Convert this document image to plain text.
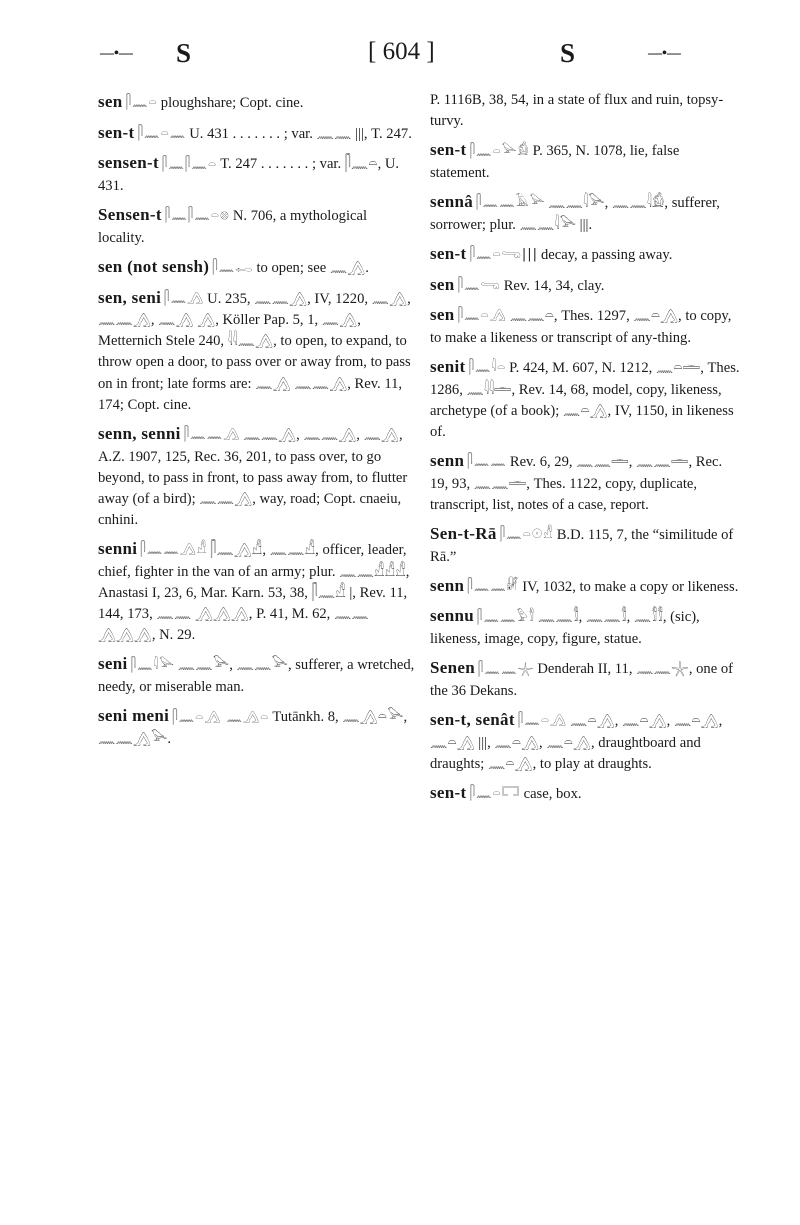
—•— S	[ 604 ]	S	—•—

sen 𓋴𓈖𓏏 ploughshare; Copt. cine.

sen-t 𓋴𓈖𓏏𓈖 U. 431 . . . . . . . ; var. 𓈖𓈖 |||, T. 247.

sensen-t 𓋴𓈖𓋴𓈖𓏏 T. 247 . . . . . . . ; var. 𓋴𓈖𓏏, U. 431.

Sensen-t 𓋴𓈖𓋴𓈖𓏏𓊖 N. 706, a mythological locality.

sen (not sensh) 𓋴𓈖𓉻 to open; see 𓈖𓂻.

sen, seni 𓋴𓈖𓂻 U. 235, 𓈖𓈖𓂻, IV, 1220, 𓈖𓂻, 𓈖𓈖𓂻, 𓈖𓂻 𓂻, Köller Pap. 5, 1, 𓈖𓂻, Metternich Stele 240, 𓇋𓇋𓈖𓂻, to open, to expand, to throw open a door, to pass over or away from, to pass on in front; late forms are: 𓈖𓂻 𓈖𓈖𓂻, Rev. 11, 174; Copt. cine.

senn, senni 𓋴𓈖𓈖𓂻 𓈖𓈖𓂻, 𓈖𓈖𓂻, 𓈖𓂻, A.Z. 1907, 125, Rec. 36, 201, to pass over, to go beyond, to pass in front, to pass away from, to flutter away (of a bird); 𓈖𓈖𓂻, way, road; Copt. cnaeiu, cnhini.

senni 𓋴𓈖𓈖𓂻𓀭 𓋴𓈖𓂻𓀭, 𓈖𓈖𓀭, officer, leader, chief, fighter in the van of an army; plur. 𓈖𓈖𓀭𓀭𓀭, Anastasi I, 23, 6, Mar. Karn. 53, 38, 𓋴𓈖𓀭 |, Rev. 11, 144, 173, 𓈖𓈖 𓂻𓂻𓂻, P. 41, M. 62, 𓈖𓈖 𓂻𓂻𓂻, N. 29.

seni 𓋴𓈖𓇋𓅪 𓈖𓈖𓅪, 𓈖𓈖𓅪, sufferer, a wretched, needy, or miserable man.

seni meni 𓋴𓈖𓏏𓂻 𓈖𓂻𓏏 Tutānkh. 8, 𓈖𓂻𓏏𓅪, 𓈖𓈖𓂻𓅪.

P. 1116B, 38, 54, in a state of flux and ruin, topsy-turvy.

sen-t 𓋴𓈖𓏏𓅪𓀁 P. 365, N. 1078, lie, false statement.

sennâ 𓋴𓈖𓈖𓄿𓅪 𓈖𓈖𓇋𓅪, 𓈖𓈖𓇋𓀁, sufferer, sorrower; plur. 𓈖𓈖𓇋𓅪 |||.

sen-t 𓋴𓈖𓏏𓂸||| decay, a passing away.

sen 𓋴𓈖𓂸 Rev. 14, 34, clay.

sen 𓋴𓈖𓏏𓂻 𓈖𓈖𓏏, Thes. 1297, 𓈖𓏏𓂻, to copy, to make a likeness or transcript of any-thing.

senit 𓋴𓈖𓇋𓏏 P. 424, M. 607, N. 1212, 𓈖𓏏𓏛, Thes. 1286, 𓈖𓇋𓇋𓏛, Rev. 14, 68, model, copy, likeness, archetype (of a book); 𓈖𓏏𓂻, IV, 1150, in likeness of.

senn 𓋴𓈖𓈖 Rev. 6, 29, 𓈖𓈖𓏛, 𓈖𓈖𓏛, Rec. 19, 93, 𓈖𓈖𓏛, Thes. 1122, copy, duplicate, transcript, list, notes of a case, report.

Sen-t-Rā 𓋴𓈖𓏏𓇳𓀭 B.D. 115, 7, the “similitude of Rā.”

senn 𓋴𓈖𓈖𓏞 IV, 1032, to make a copy or likeness.

sennu 𓋴𓈖𓈖𓅱𓀾 𓈖𓈖𓀾, 𓈖𓈖𓀾, 𓈖𓀾𓀾, (sic), likeness, image, copy, figure, statue.

Senen 𓋴𓈖𓈖𓇼 Denderah II, 11, 𓈖𓈖𓇼, one of the 36 Dekans.

sen-t, senât 𓋴𓈖𓏏𓂻 𓈖𓏏𓂻, 𓈖𓏏𓂻, 𓈖𓏏𓂻, 𓈖𓏏𓂻 |||, 𓈖𓏏𓂻, 𓈖𓏏𓂻, draughtboard and draughts; 𓈖𓏏𓂻, to play at draughts.

sen-t 𓋴𓈖𓏏𓉐 case, box.
